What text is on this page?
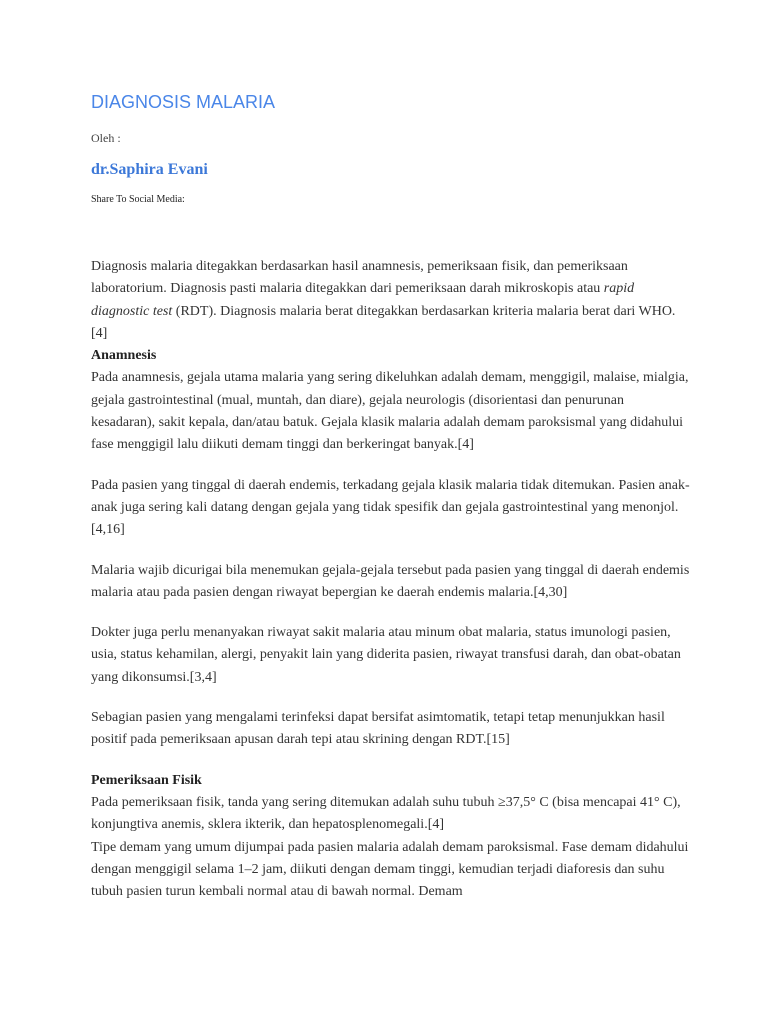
DIAGNOSIS MALARIA
Oleh :
dr.Saphira Evani
Share To Social Media:

Diagnosis malaria ditegakkan berdasarkan hasil anamnesis, pemeriksaan fisik, dan pemeriksaan laboratorium. Diagnosis pasti malaria ditegakkan dari pemeriksaan darah mikroskopis atau rapid diagnostic test (RDT). Diagnosis malaria berat ditegakkan berdasarkan kriteria malaria berat dari WHO.[4]

Anamnesis

Pada anamnesis, gejala utama malaria yang sering dikeluhkan adalah demam, menggigil, malaise, mialgia, gejala gastrointestinal (mual, muntah, dan diare), gejala neurologis (disorientasi dan penurunan kesadaran), sakit kepala, dan/atau batuk. Gejala klasik malaria adalah demam paroksismal yang didahului fase menggigil lalu diikuti demam tinggi dan berkeringat banyak.[4]

Pada pasien yang tinggal di daerah endemis, terkadang gejala klasik malaria tidak ditemukan. Pasien anak-anak juga sering kali datang dengan gejala yang tidak spesifik dan gejala gastrointestinal yang menonjol.[4,16]

Malaria wajib dicurigai bila menemukan gejala-gejala tersebut pada pasien yang tinggal di daerah endemis malaria atau pada pasien dengan riwayat bepergian ke daerah endemis malaria.[4,30]

Dokter juga perlu menanyakan riwayat sakit malaria atau minum obat malaria, status imunologi pasien, usia, status kehamilan, alergi, penyakit lain yang diderita pasien, riwayat transfusi darah, dan obat-obatan yang dikonsumsi.[3,4]

Sebagian pasien yang mengalami terinfeksi dapat bersifat asimtomatik, tetapi tetap menunjukkan hasil positif pada pemeriksaan apusan darah tepi atau skrining dengan RDT.[15]

Pemeriksaan Fisik

Pada pemeriksaan fisik, tanda yang sering ditemukan adalah suhu tubuh ≥37,5° C (bisa mencapai 41° C), konjungtiva anemis, sklera ikterik, dan hepatosplenomegali.[4]

Tipe demam yang umum dijumpai pada pasien malaria adalah demam paroksismal. Fase demam didahului dengan menggigil selama 1–2 jam, diikuti dengan demam tinggi, kemudian terjadi diaforesis dan suhu tubuh pasien turun kembali normal atau di bawah normal. Demam
